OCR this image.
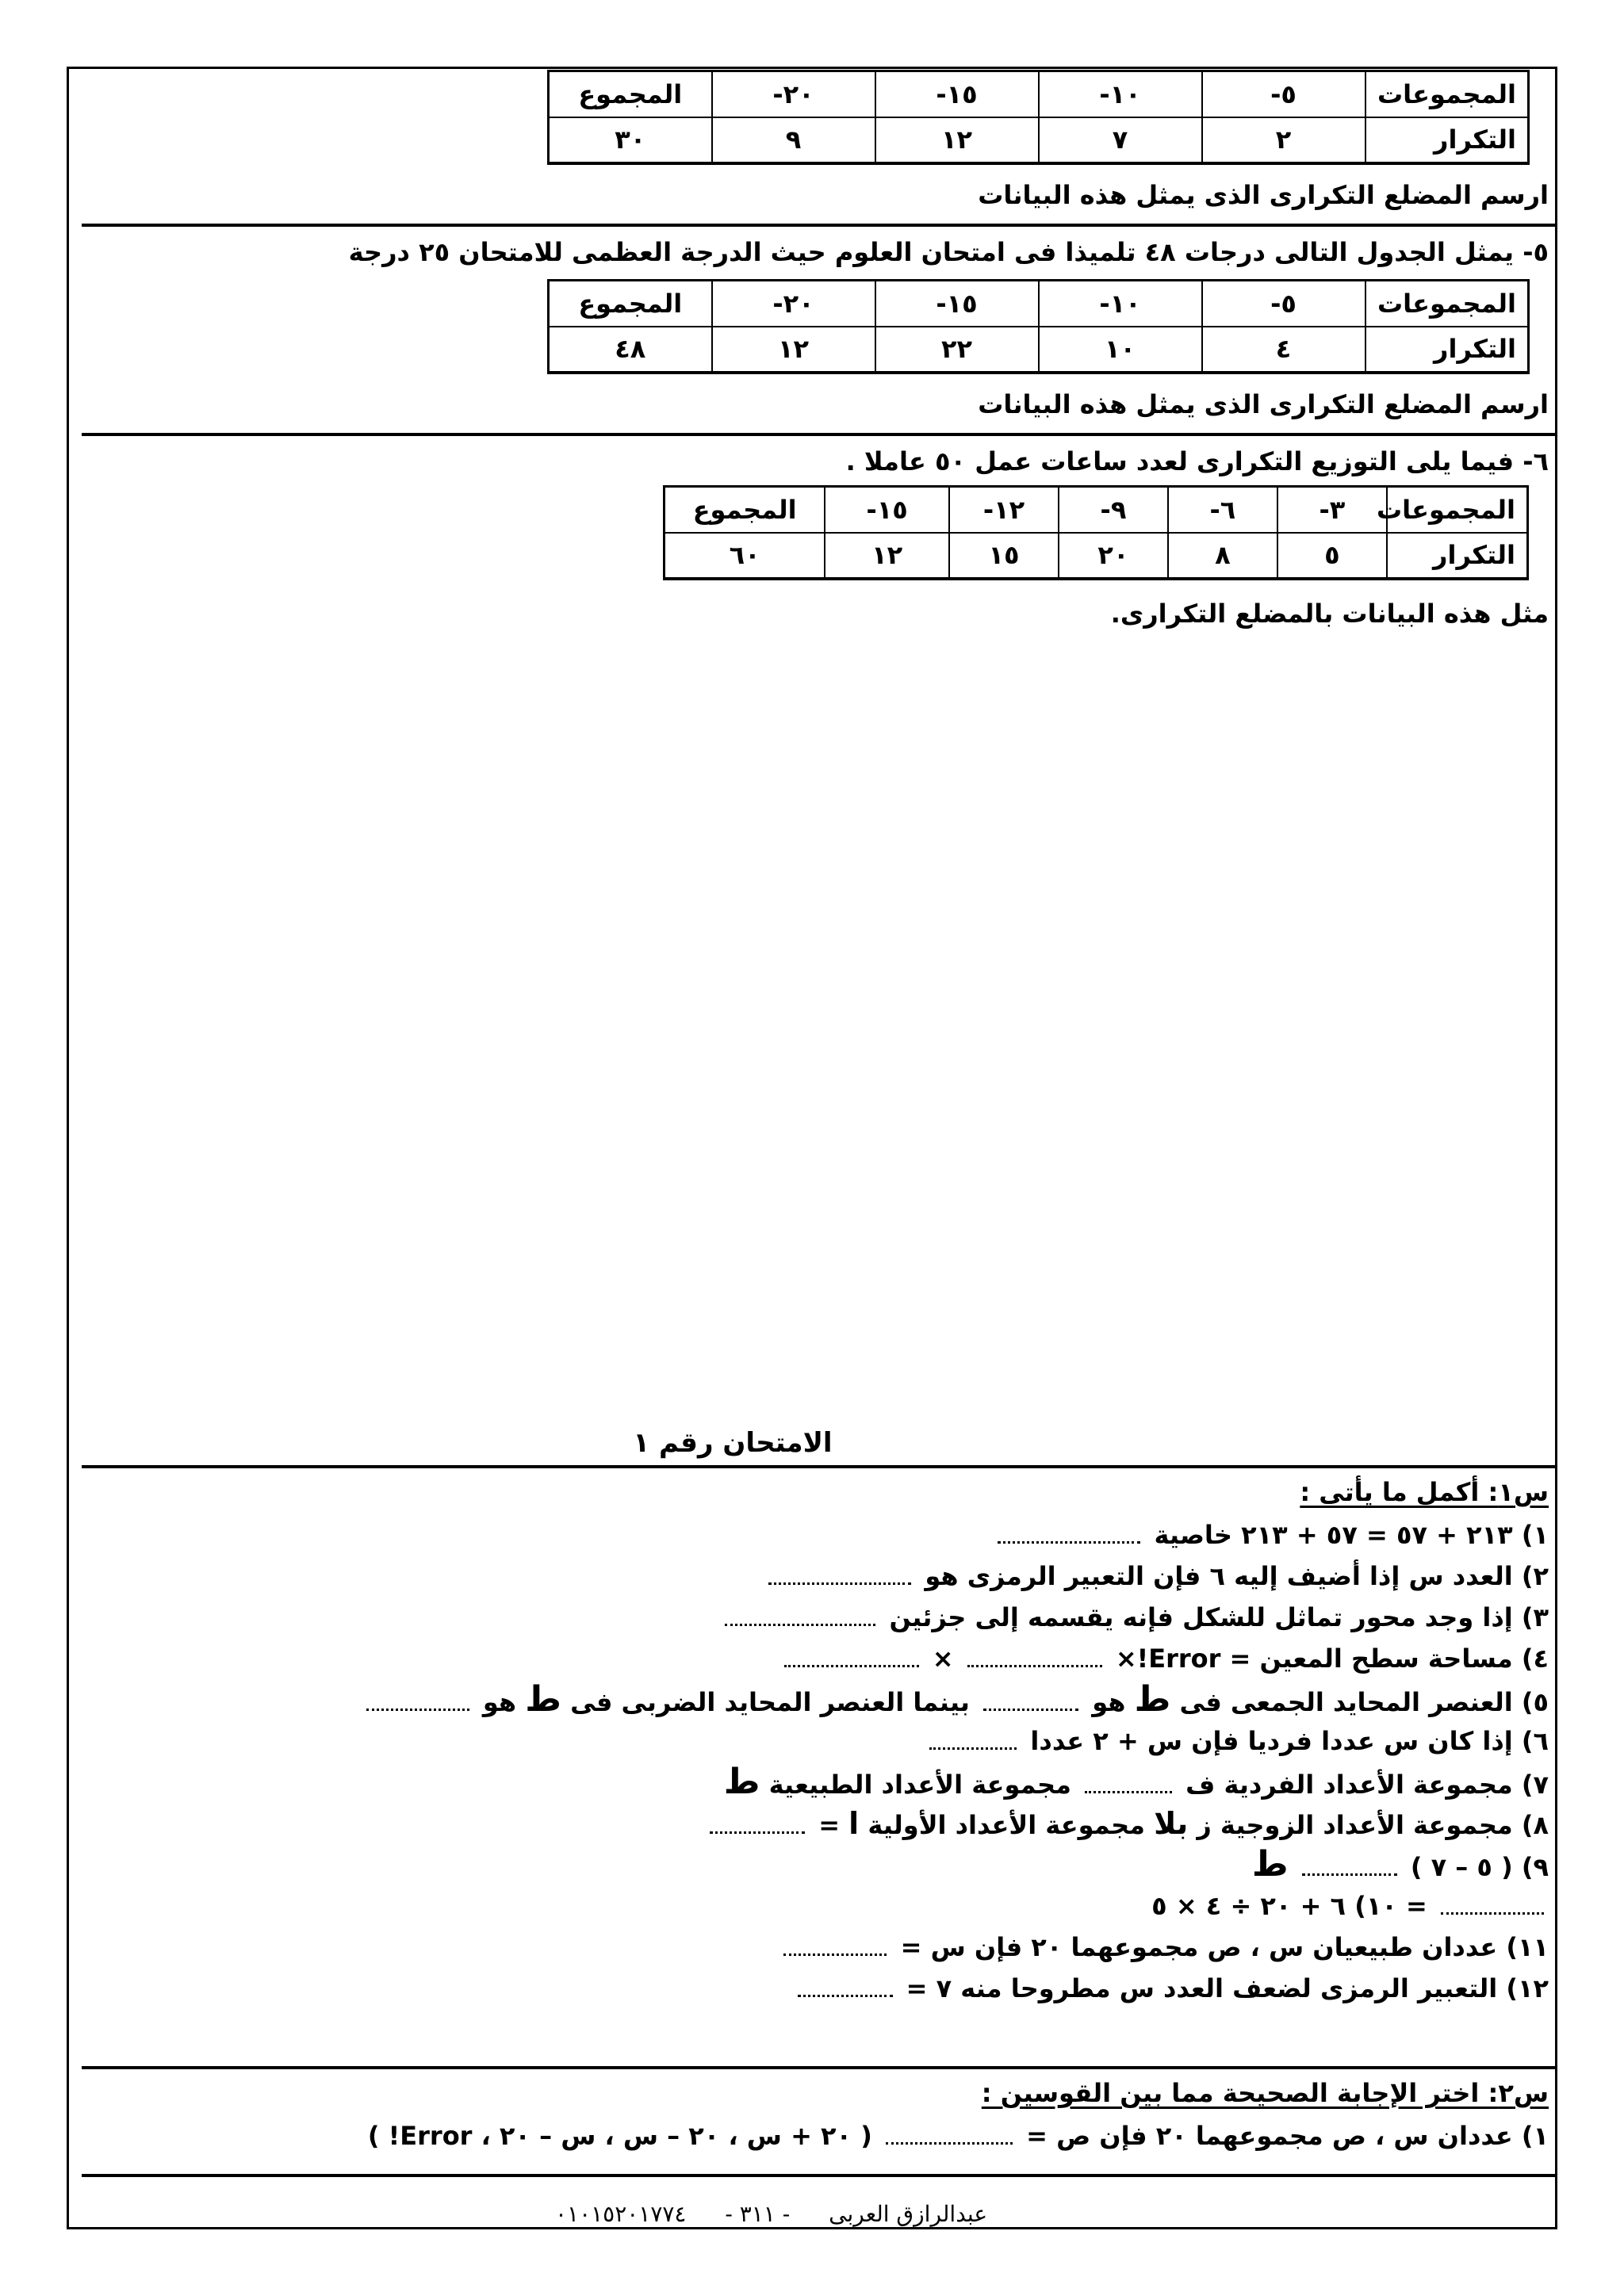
المجموعات	٥-	١٠-	١٥-	٢٠-	المجموع
التكرار	٢	٧	١٢	٩	٣٠
ارسم المضلع التكرارى الذى يمثل هذه البيانات
٥- يمثل الجدول التالى درجات ٤٨ تلميذا فى امتحان العلوم حيث الدرجة العظمى للامتحان ٢٥ درجة
المجموعات	٥-	١٠-	١٥-	٢٠-	المجموع
التكرار	٤	١٠	٢٢	١٢	٤٨
ارسم المضلع التكرارى الذى يمثل هذه البيانات
٦- فيما يلى التوزيع التكرارى لعدد ساعات عمل ٥٠ عاملا .
المجموعات	٣-	٦-	٩-	١٢-	١٥-	المجموع
التكرار	٥	٨	٢٠	١٥	١٢	٦٠
مثل هذه البيانات بالمضلع التكرارى.
الامتحان رقم ١
س١: أكمل ما يأتى :
١) ٢١٣ + ٥٧ = ٥٧ + ٢١٣ خاصية
٢) العدد س إذا أضيف إليه ٦ فإن التعبير الرمزى هو
٣) إذا وجد محور تماثل للشكل فإنه يقسمه إلى جزئين
٤) مساحة سطح المعين = Error!×  ×
٥) العنصر المحايد الجمعى فى ط هو  بينما العنصر المحايد الضربى فى ط هو
٦) إذا كان س عددا فرديا فإن س + ٢ عددا
٧) مجموعة الأعداد الفردية ف  مجموعة الأعداد الطبيعية ط
٨) مجموعة الأعداد الزوجية ز بلا مجموعة الأعداد الأولية ا =
٩) ( ٥ – ٧ )  ط
١٠) ٦ + ٢٠ ÷ ٤ × ٥ =
١١) عددان طبيعيان س ، ص مجموعهما ٢٠ فإن س =
١٢) التعبير الرمزى لضعف العدد س مطروحا منه ٧ =
س٢: اختر الإجابة الصحيحة مما بين القوسين :
١) عددان س ، ص مجموعهما ٢٠ فإن ص =  ( ٢٠ + س ، ٢٠ – س ، س – ٢٠ ، Error! )
عبدالرازق العربى - ٣١١ - ٠١٠١٥٢٠١٧٧٤
